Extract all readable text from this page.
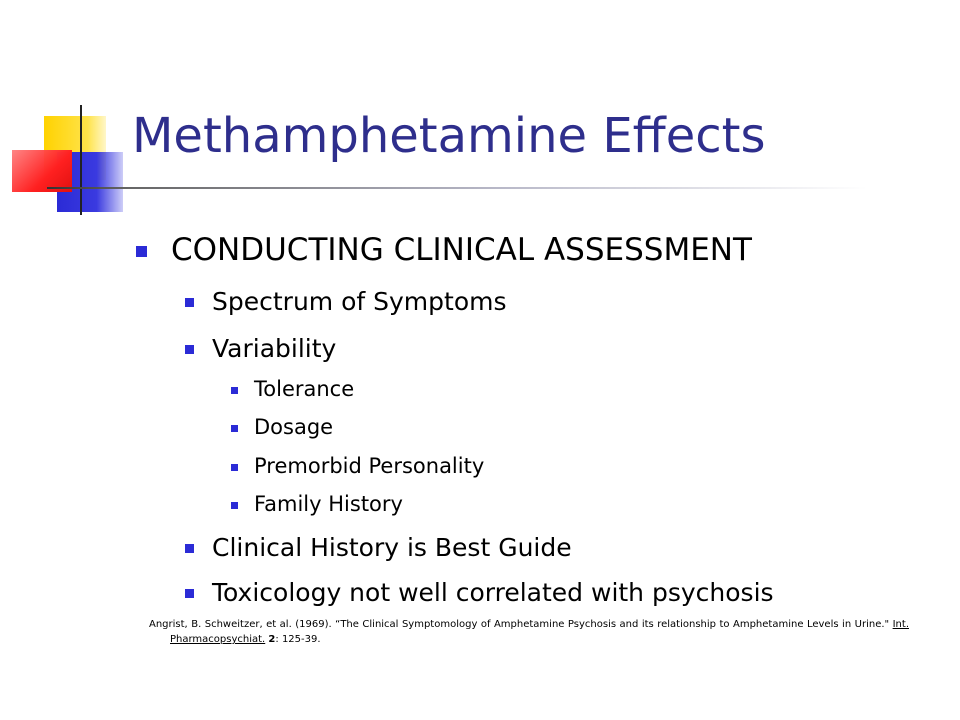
Methamphetamine Effects
CONDUCTING CLINICAL ASSESSMENT
Spectrum of Symptoms
Variability
Tolerance
Dosage
Premorbid Personality
Family History
Clinical History is Best Guide
Toxicology not well correlated with psychosis
Angrist, B. Schweitzer, et al. (1969). “The Clinical Symptomology of Amphetamine Psychosis and its relationship to Amphetamine Levels in Urine." Int. Pharmacopsychiat. 2: 125-39.
